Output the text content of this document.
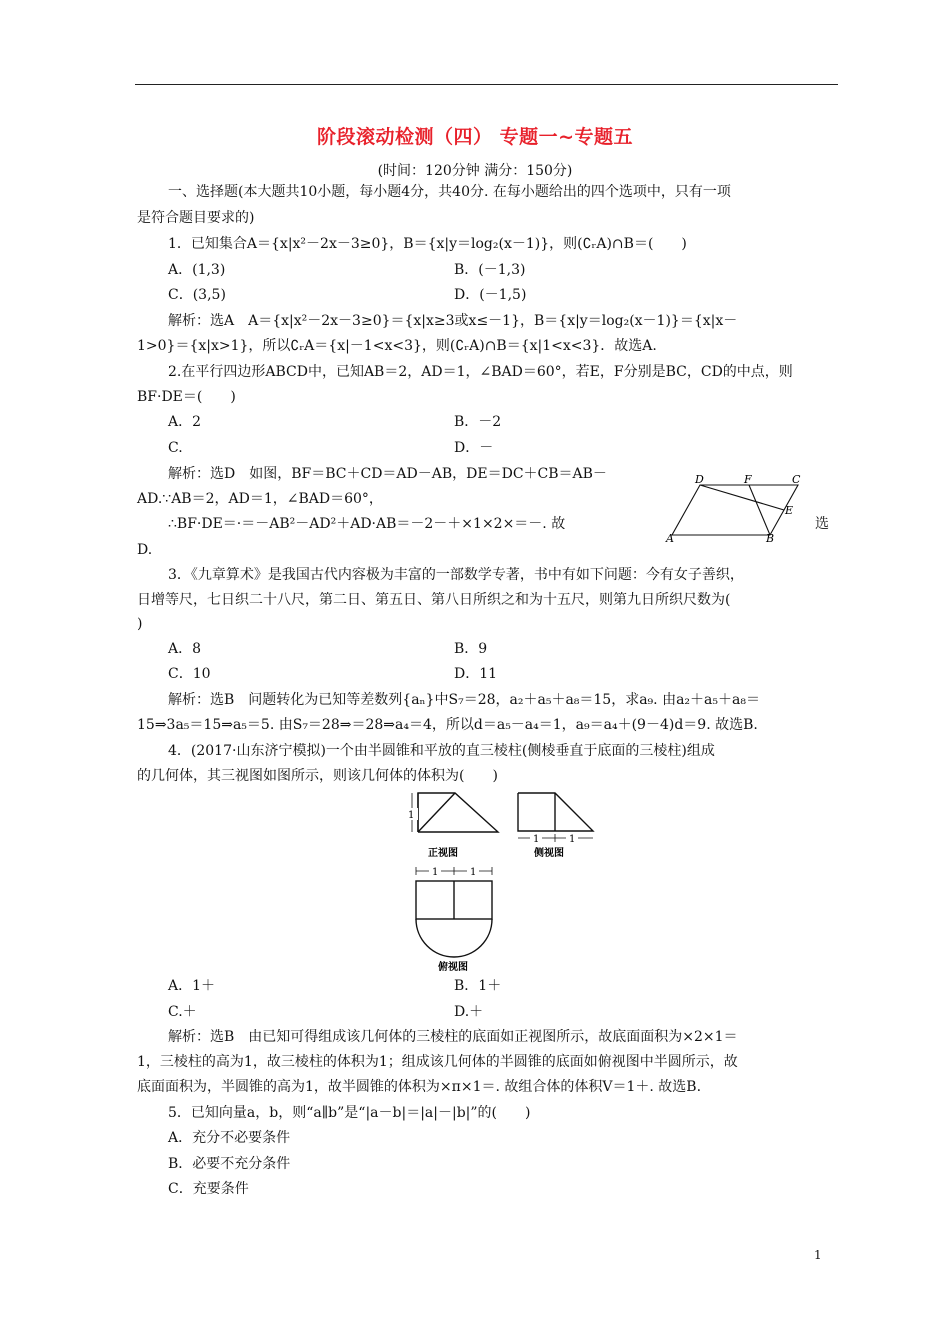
阶段滚动检测（四） 专题一~专题五
(时间：120分钟 满分：150分)
一、选择题(本大题共10小题，每小题4分，共40分. 在每小题给出的四个选项中，只有一项
是符合题目要求的)
1．已知集合A＝{x|x²－2x－3≥0}，B＝{x|y＝log₂(x－1)}，则(∁ᵣA)∩B＝(　　)
A．(1,3)	B．(－1,3)
C．(3,5)	D．(－1,5)
解析：选A　A＝{x|x²－2x－3≥0}＝{x|x≥3或x≤－1}，B＝{x|y＝log₂(x－1)}＝{x|x－
1>0}＝{x|x>1}，所以∁ᵣA＝{x|－1<x<3}，则(∁ᵣA)∩B＝{x|1<x<3}．故选A.
2.在平行四边形ABCD中，已知AB＝2，AD＝1，∠BAD＝60°，若E，F分别是BC，CD的中点，则
BF·DE＝(　　)
A．2	B．－2
C.	D．－
解析：选D　如图，BF＝BC＋CD＝AD－AB，DE＝DC＋CB＝AB－
AD.∵AB＝2，AD＝1，∠BAD＝60°，
∴BF·DE＝·＝－AB²－AD²＋AD·AB＝－2－＋×1×2×＝－. 故	选
D.
D	F	C
E
A	B
3．《九章算术》是我国古代内容极为丰富的一部数学专著，书中有如下问题：今有女子善织，
日增等尺，七日织二十八尺，第二日、第五日、第八日所织之和为十五尺，则第九日所织尺数为(
)
A．8	B．9
C．10	D．11
解析：选B　问题转化为已知等差数列{aₙ}中S₇＝28，a₂＋a₅＋a₈＝15，求a₉. 由a₂＋a₅＋a₈＝
15⇒3a₅＝15⇒a₅＝5. 由S₇＝28⇒＝28⇒a₄＝4，所以d＝a₅－a₄＝1，a₉＝a₄＋(9－4)d＝9. 故选B.
4．(2017·山东济宁模拟)一个由半圆锥和平放的直三棱柱(侧棱垂直于底面的三棱柱)组成
的几何体，其三视图如图所示，则该几何体的体积为(　　)
1
1	1
1	1
正视图	侧视图
俯视图
A．1＋	B．1＋
C.＋	D.＋
解析：选B　由已知可得组成该几何体的三棱柱的底面如正视图所示，故底面面积为×2×1＝
1，三棱柱的高为1，故三棱柱的体积为1；组成该几何体的半圆锥的底面如俯视图中半圆所示，故
底面面积为，半圆锥的高为1，故半圆锥的体积为×π×1＝. 故组合体的体积V＝1＋. 故选B.
5．已知向量a，b，则“a∥b”是“|a－b|＝|a|－|b|”的(　　)
A．充分不必要条件
B．必要不充分条件
C．充要条件
1
